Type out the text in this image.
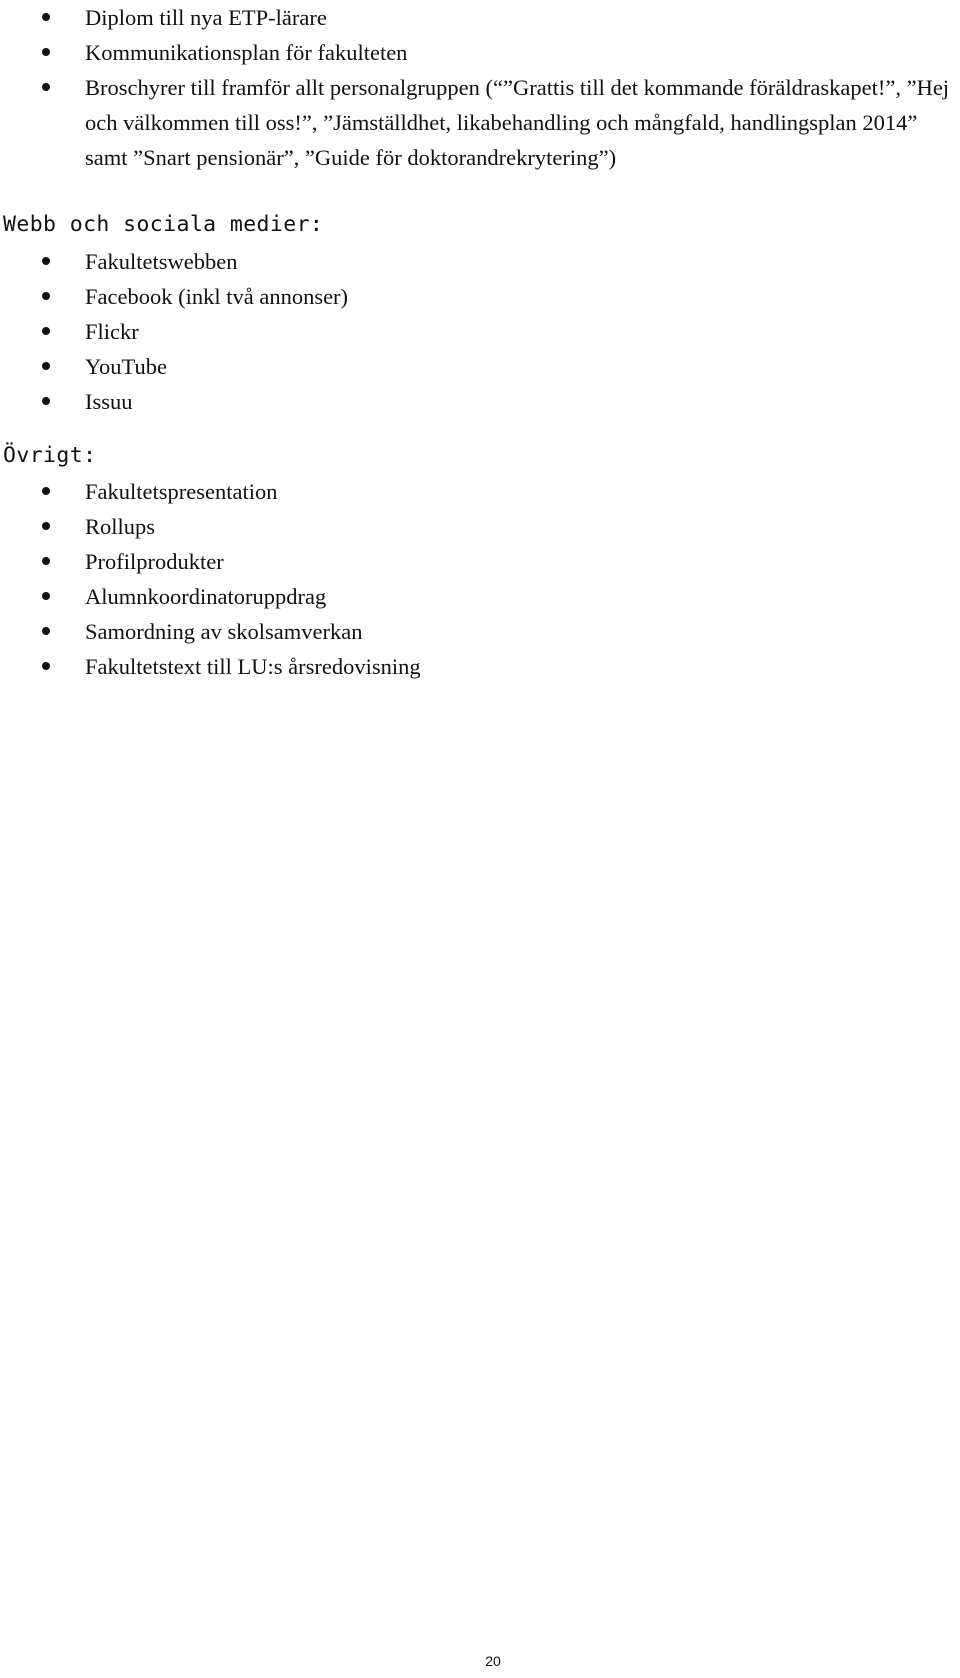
Diplom till nya ETP-lärare
Kommunikationsplan för fakulteten
Broschyrer till framför allt personalgruppen (“”Grattis till det kommande föräldraskapet!”, ”Hej och välkommen till oss!”, ”Jämställdhet, likabehandling och mångfald, handlingsplan 2014” samt ”Snart pensionär”, ”Guide för doktorandrekrytering”)
Webb och sociala medier:
Fakultetswebben
Facebook (inkl två annonser)
Flickr
YouTube
Issuu
Övrigt:
Fakultetspresentation
Rollups
Profilprodukter
Alumnkoordinatoruppdrag
Samordning av skolsamverkan
Fakultetstext till LU:s årsredovisning
20
